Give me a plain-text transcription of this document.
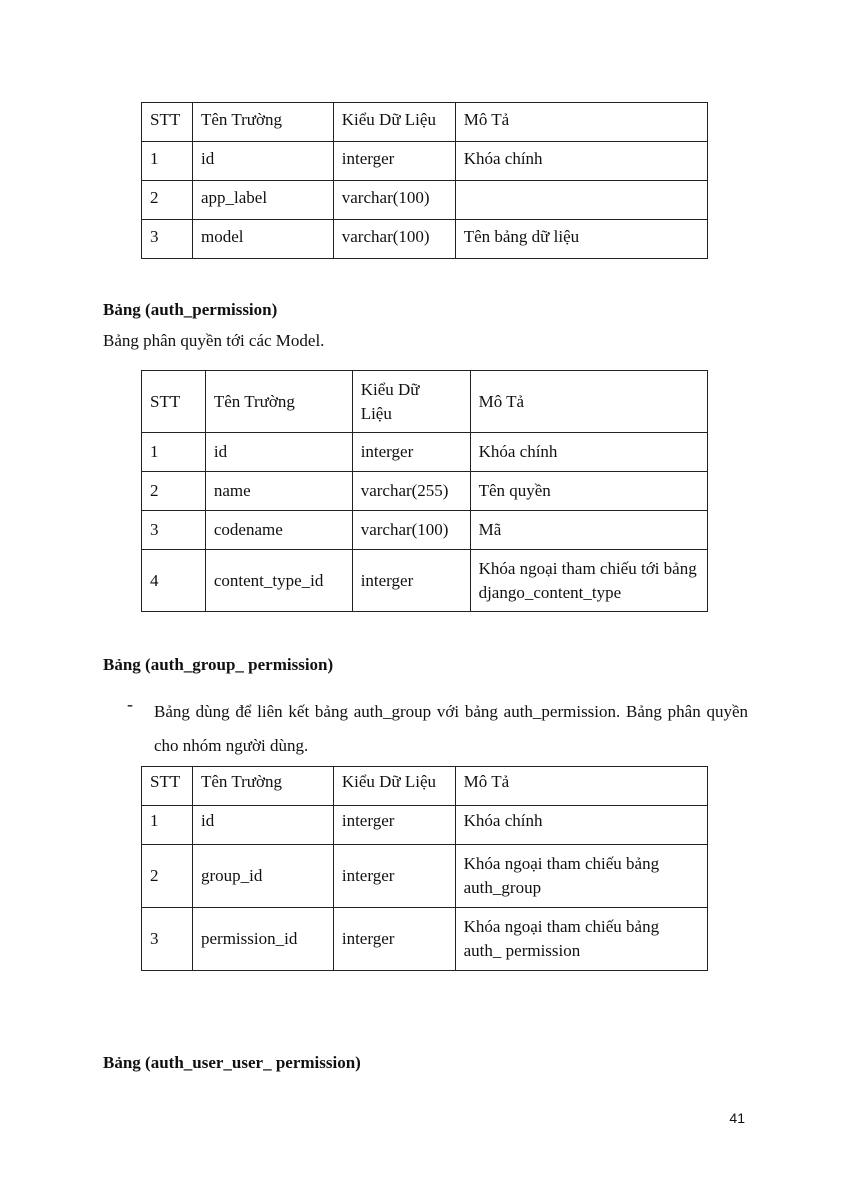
STT	Tên Trường	Kiểu Dữ Liệu	Mô Tả
1	id	interger	Khóa chính
2	app_label	varchar(100)	
3	model	varchar(100)	Tên bảng dữ liệu
Bảng (auth_permission)
Bảng phân quyền tới các Model.
STT	Tên Trường	Kiểu Dữ Liệu	Mô Tả
1	id	interger	Khóa chính
2	name	varchar(255)	Tên quyền
3	codename	varchar(100)	Mã
4	content_type_id	interger	Khóa ngoại tham chiếu tới bảng django_content_type
Bảng (auth_group_ permission)
- Bảng dùng để liên kết bảng auth_group với bảng auth_permission. Bảng phân quyền cho nhóm người dùng.
STT	Tên Trường	Kiểu Dữ Liệu	Mô Tả
1	id	interger	Khóa chính
2	group_id	interger	Khóa ngoại tham chiếu bảng auth_group
3	permission_id	interger	Khóa ngoại tham chiếu bảng auth_ permission
Bảng (auth_user_user_ permission)
41
